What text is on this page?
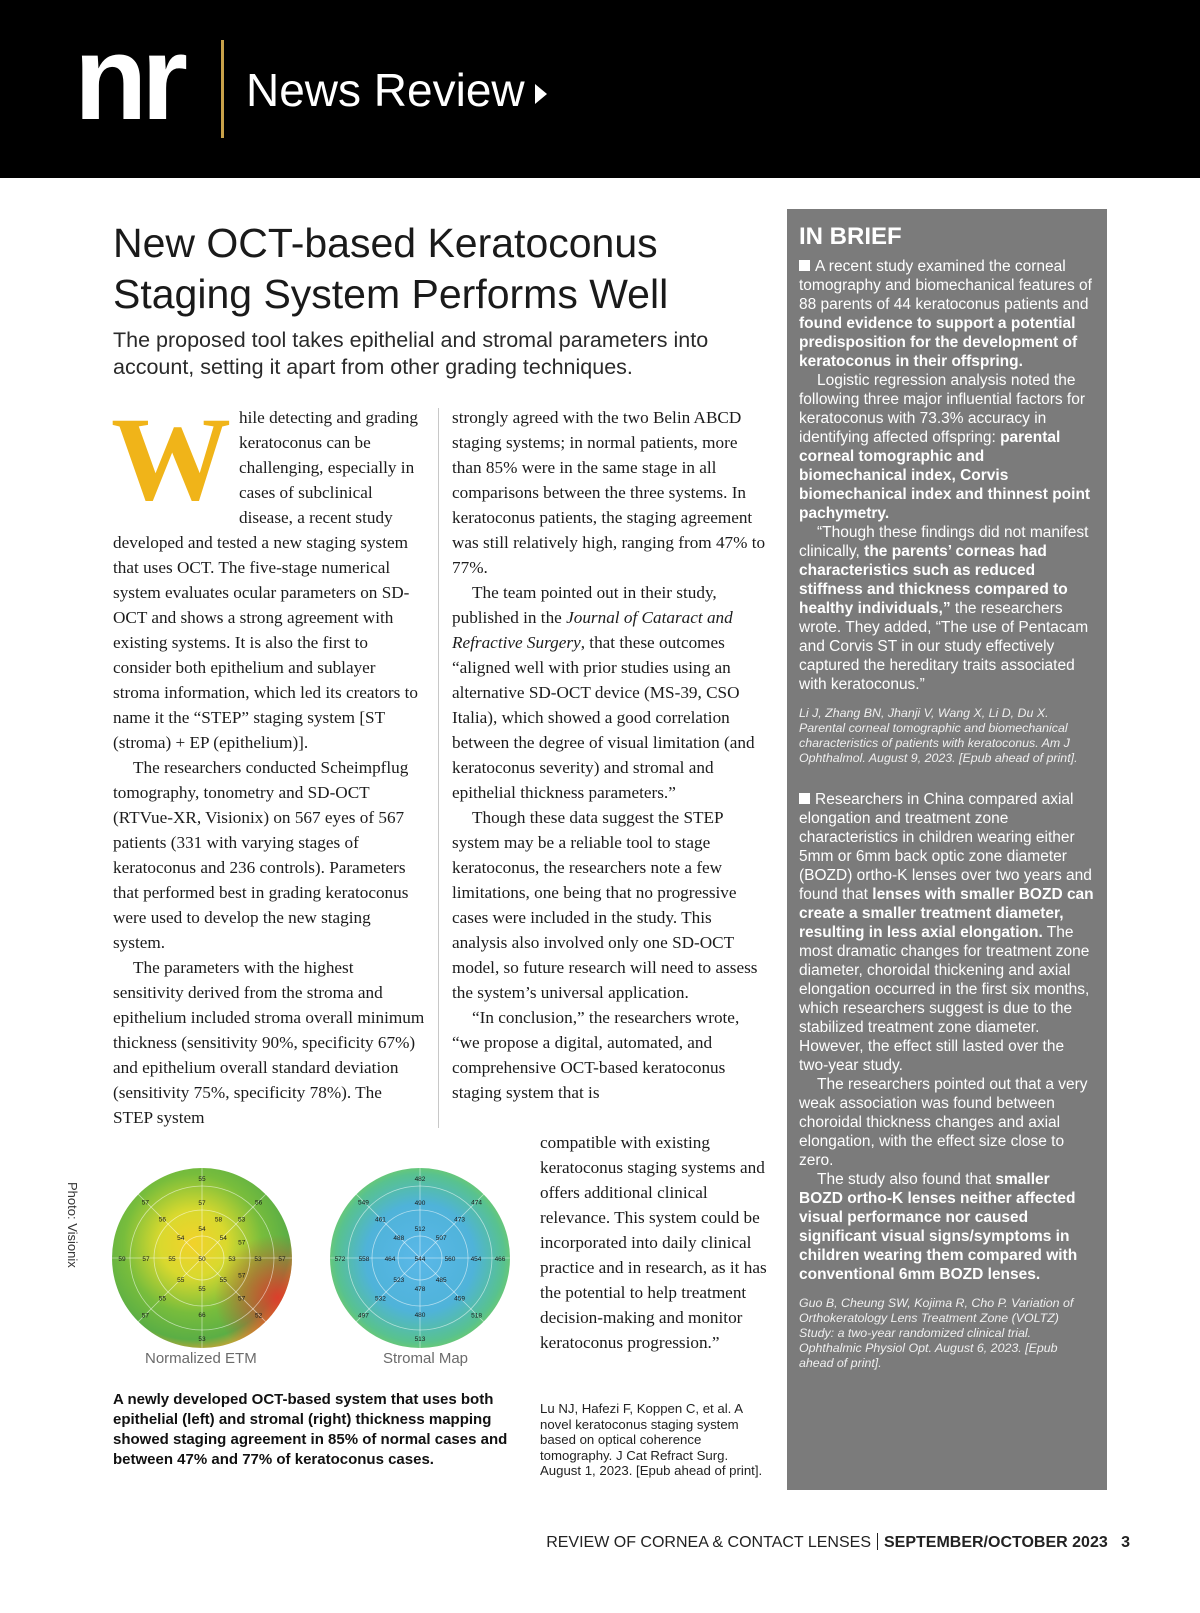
nr News Review
New OCT-based Keratoconus
Staging System Performs Well
The proposed tool takes epithelial and stromal parameters into account, setting it apart from other grading techniques.

While detecting and grading keratoconus can be challenging, especially in cases of subclinical disease, a recent study developed and tested a new staging system that uses OCT. The five-stage numerical system evaluates ocular parameters on SD-OCT and shows a strong agreement with existing systems. It is also the first to consider both epithelium and sublayer stroma information, which led its creators to name it the “STEP” staging system [ST (stroma) + EP (epithelium)].

The researchers conducted Scheimpflug tomography, tonometry and SD-OCT (RTVue-XR, Visionix) on 567 eyes of 567 patients (331 with varying stages of keratoconus and 236 controls). Parameters that performed best in grading keratoconus were used to develop the new staging system.

The parameters with the highest sensitivity derived from the stroma and epithelium included stroma overall minimum thickness (sensitivity 90%, specificity 67%) and epithelium overall standard deviation (sensitivity 75%, specificity 78%). The STEP system

strongly agreed with the two Belin ABCD staging systems; in normal patients, more than 85% were in the same stage in all comparisons between the three systems. In keratoconus patients, the staging agreement was still relatively high, ranging from 47% to 77%.

The team pointed out in their study, published in the Journal of Cataract and Refractive Surgery, that these outcomes “aligned well with prior studies using an alternative SD-OCT device (MS-39, CSO Italia), which showed a good correlation between the degree of visual limitation (and keratoconus severity) and stromal and epithelial thickness parameters.”

Though these data suggest the STEP system may be a reliable tool to stage keratoconus, the researchers note a few limitations, one being that no progressive cases were included in the study. This analysis also involved only one SD-OCT model, so future research will need to assess the system’s universal application.

“In conclusion,” the researchers wrote, “we propose a digital, automated, and comprehensive OCT-based keratoconus staging system that is

compatible with existing keratoconus staging systems and offers additional clinical relevance. This system could be incorporated into daily clinical practice and in research, as it has the potential to help treatment decision-making and monitor keratoconus progression.”

Photo: Visionix	50
54
54
53
55
55
55
55
54
57
53
53
57
66
55
57
56
55
56
57
52
53
57
59
57
58
57
57
544
512
507
560
485
478
523
464
488
490
473
454
459
480
532
558
461
482
474
466
518
513
497
572
549
Normalized ETM	Stromal Map

A newly developed OCT-based system that uses both epithelial (left) and stromal (right) thickness mapping showed staging agreement in 85% of normal cases and between 47% and 77% of keratoconus cases.

Lu NJ, Hafezi F, Koppen C, et al. A novel keratoconus staging system based on optical coherence tomography. J Cat Refract Surg. August 1, 2023. [Epub ahead of print].

IN BRIEF

A recent study examined the corneal tomography and biomechanical features of 88 parents of 44 keratoconus patients and found evidence to support a potential predisposition for the development of keratoconus in their offspring.

Logistic regression analysis noted the following three major influential factors for keratoconus with 73.3% accuracy in identifying affected offspring: parental corneal tomographic and biomechanical index, Corvis biomechanical index and thinnest point pachymetry.

“Though these findings did not manifest clinically, the parents’ corneas had characteristics such as reduced stiffness and thickness compared to healthy individuals,” the researchers wrote. They added, “The use of Pentacam and Corvis ST in our study effectively captured the hereditary traits associated with keratoconus.”

Li J, Zhang BN, Jhanji V, Wang X, Li D, Du X. Parental corneal tomographic and biomechanical characteristics of patients with keratoconus. Am J Ophthalmol. August 9, 2023. [Epub ahead of print].

Researchers in China compared axial elongation and treatment zone characteristics in children wearing either 5mm or 6mm back optic zone diameter (BOZD) ortho-K lenses over two years and found that lenses with smaller BOZD can create a smaller treatment diameter, resulting in less axial elongation. The most dramatic changes for treatment zone diameter, choroidal thickening and axial elongation occurred in the first six months, which researchers suggest is due to the stabilized treatment zone diameter. However, the effect still lasted over the two-year study.

The researchers pointed out that a very weak association was found between choroidal thickness changes and axial elongation, with the effect size close to zero.

The study also found that smaller BOZD ortho-K lenses neither affected visual performance nor caused significant visual signs/symptoms in children wearing them compared with conventional 6mm BOZD lenses.

Guo B, Cheung SW, Kojima R, Cho P. Variation of Orthokeratology Lens Treatment Zone (VOLTZ) Study: a two-year randomized clinical trial. Ophthalmic Physiol Opt. August 6, 2023. [Epub ahead of print].

REVIEW OF CORNEA & CONTACT LENSES SEPTEMBER/OCTOBER 2023 3
